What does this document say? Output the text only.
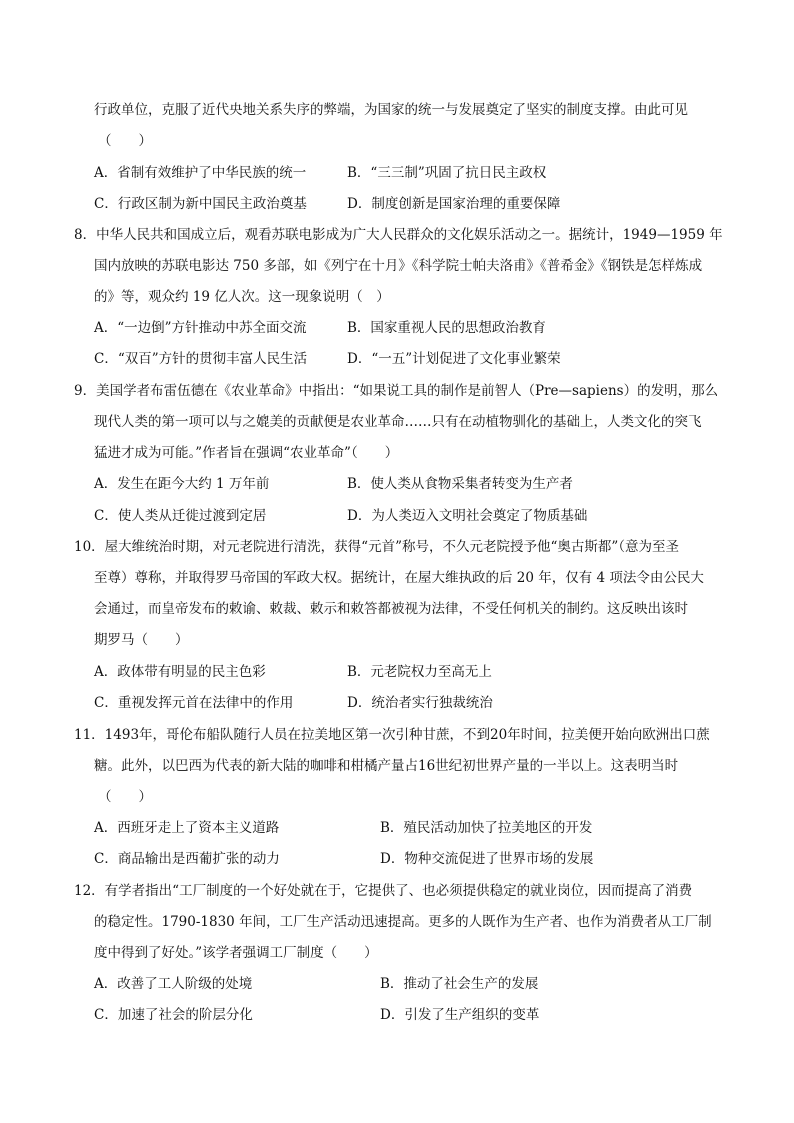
行政单位，克服了近代央地关系失序的弊端，为国家的统一与发展奠定了坚实的制度支撑。由此可见
（　　）
A．省制有效维护了中华民族的统一	B．“三三制”巩固了抗日民主政权
C．行政区制为新中国民主政治奠基	D．制度创新是国家治理的重要保障
8．中华人民共和国成立后，观看苏联电影成为广大人民群众的文化娱乐活动之一。据统计，1949—1959 年
国内放映的苏联电影达 750 多部，如《列宁在十月》《科学院士帕夫洛甫》《普希金》《钢铁是怎样炼成
的》等，观众约 19 亿人次。这一现象说明（　）
A．“一边倒”方针推动中苏全面交流	B．国家重视人民的思想政治教育
C．“双百”方针的贯彻丰富人民生活	D．“一五”计划促进了文化事业繁荣
9．美国学者布雷伍德在《农业革命》中指出：“如果说工具的制作是前智人（Pre—sapiens）的发明，那么
现代人类的第一项可以与之媲美的贡献便是农业革命……只有在动植物驯化的基础上，人类文化的突飞
猛进才成为可能。”作者旨在强调“农业革命”（　　）
A．发生在距今大约 1 万年前	B．使人类从食物采集者转变为生产者
C．使人类从迁徙过渡到定居	D．为人类迈入文明社会奠定了物质基础
10．屋大维统治时期，对元老院进行清洗，获得“元首”称号，不久元老院授予他“奥古斯都”（意为至圣
至尊）尊称，并取得罗马帝国的军政大权。据统计，在屋大维执政的后 20 年，仅有 4 项法令由公民大
会通过，而皇帝发布的敕谕、敕裁、敕示和敕答都被视为法律，不受任何机关的制约。这反映出该时
期罗马（　　）
A．政体带有明显的民主色彩	B．元老院权力至高无上
C．重视发挥元首在法律中的作用	D．统治者实行独裁统治
11．1493年，哥伦布船队随行人员在拉美地区第一次引种甘蔗，不到20年时间，拉美便开始向欧洲出口蔗
糖。此外，以巴西为代表的新大陆的咖啡和柑橘产量占16世纪初世界产量的一半以上。这表明当时
（　　）
A．西班牙走上了资本主义道路	B．殖民活动加快了拉美地区的开发
C．商品输出是西葡扩张的动力	D．物种交流促进了世界市场的发展
12．有学者指出“工厂制度的一个好处就在于，它提供了、也必须提供稳定的就业岗位，因而提高了消费
的稳定性。1790-1830 年间，工厂生产活动迅速提高。更多的人既作为生产者、也作为消费者从工厂制
度中得到了好处。”该学者强调工厂制度（　　）
A．改善了工人阶级的处境	B．推动了社会生产的发展
C．加速了社会的阶层分化	D．引发了生产组织的变革
